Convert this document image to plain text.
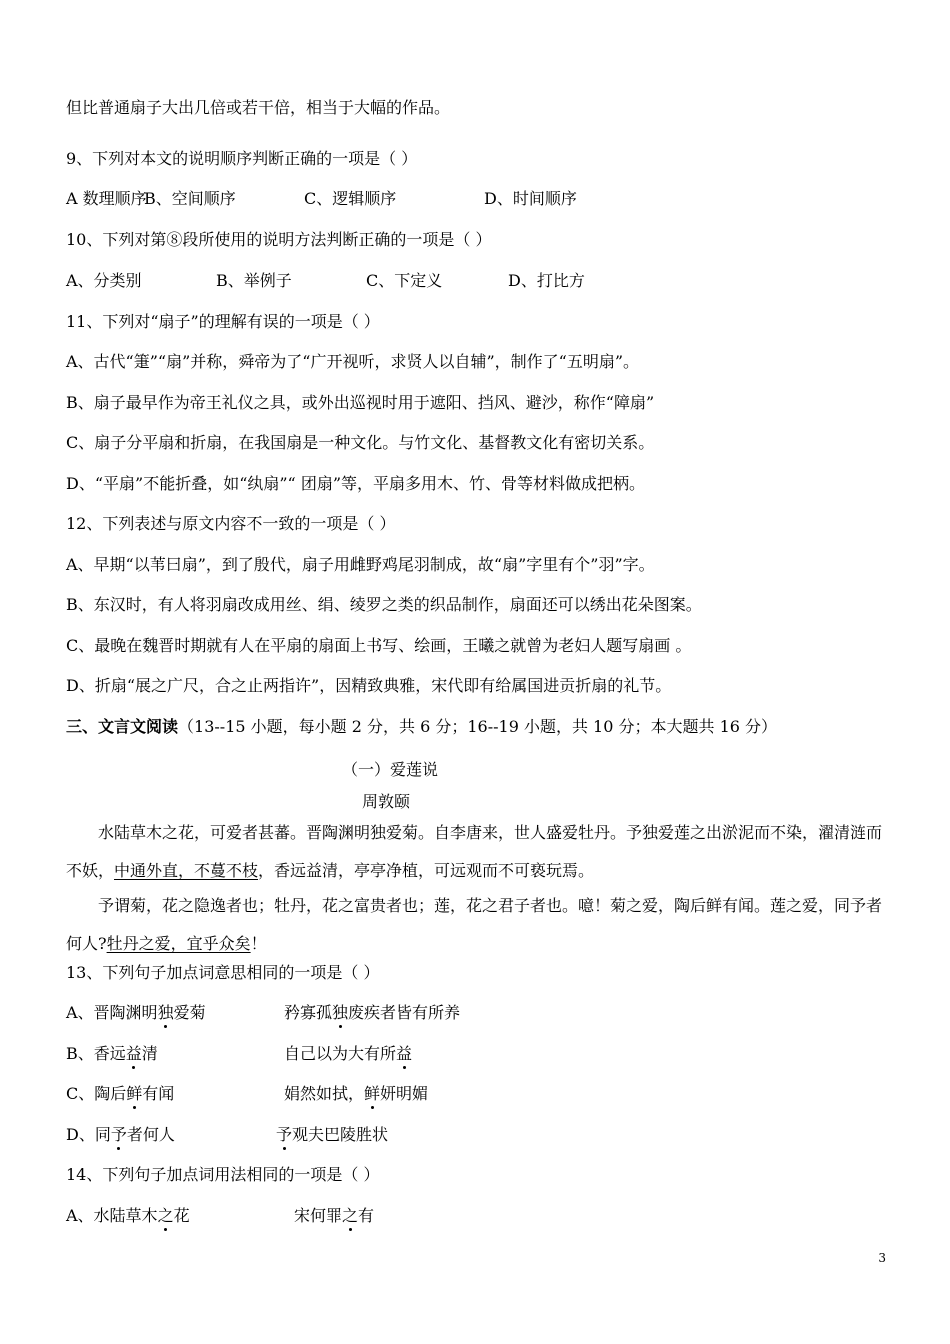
但比普通扇子大出几倍或若干倍，相当于大幅的作品。
9、下列对本文的说明顺序判断正确的一项是（ ）
A 数理顺序
B、空间顺序	C、逻辑顺序	D、时间顺序
10、下列对第⑧段所使用的说明方法判断正确的一项是（ ）
A、分类别	B、举例子	C、下定义	D、打比方
11、下列对“扇子”的理解有误的一项是（ ）
A、古代“箑”“扇”并称，舜帝为了“广开视听，求贤人以自辅”，制作了“五明扇”。
B、扇子最早作为帝王礼仪之具，或外出巡视时用于遮阳、挡风、避沙，称作“障扇”
C、扇子分平扇和折扇，在我国扇是一种文化。与竹文化、基督教文化有密切关系。
D、“平扇”不能折叠，如“纨扇”“ 团扇”等，平扇多用木、竹、骨等材料做成把柄。
12、下列表述与原文内容不一致的一项是（ ）
A、早期“以苇曰扇”，到了殷代，扇子用雌野鸡尾羽制成，故“扇”字里有个”羽”字。
B、东汉时，有人将羽扇改成用丝、绢、绫罗之类的织品制作，扇面还可以绣出花朵图案。
C、最晚在魏晋时期就有人在平扇的扇面上书写、绘画，王曦之就曾为老妇人题写扇画 。
D、折扇“展之广尺，合之止两指许”，因精致典雅，宋代即有给属国进贡折扇的礼节。
三、文言文阅读（13--15 小题，每小题 2 分，共 6 分；16--19 小题，共 10 分；本大题共 16 分）
（一）爱莲说
周敦颐
水陆草木之花，可爱者甚蕃。晋陶渊明独爱菊。自李唐来，世人盛爱牡丹。予独爱莲之出淤泥而不染，濯清涟而不妖，中通外直，不蔓不枝，香远益清，亭亭净植，可远观而不可亵玩焉。
予谓菊，花之隐逸者也；牡丹，花之富贵者也；莲，花之君子者也。噫！菊之爱，陶后鲜有闻。莲之爱，同予者何人?牡丹之爱，宜乎众矣！
13、下列句子加点词意思相同的一项是（ ）
A、晋陶渊明独爱菊	矜寡孤独废疾者皆有所养
B、香远益清	自己以为大有所益
C、陶后鲜有闻	娟然如拭，鲜妍明媚
D、同予者何人	予观夫巴陵胜状
14、下列句子加点词用法相同的一项是（ ）
A、水陆草木之花	宋何罪之有
3
